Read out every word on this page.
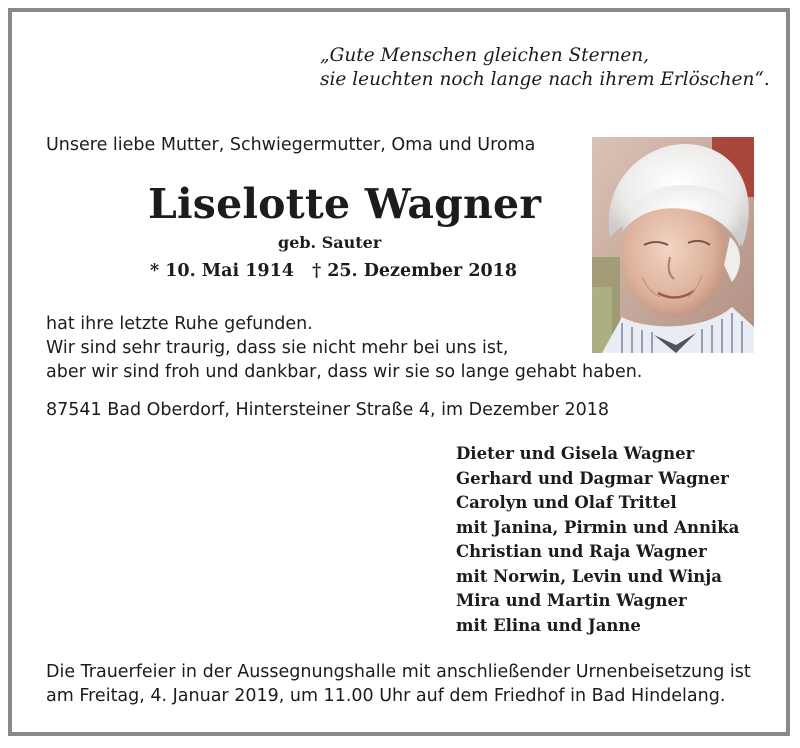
„Gute Menschen gleichen Sternen,
sie leuchten noch lange nach ihrem Erlöschen“.
Unsere liebe Mutter, Schwiegermutter, Oma und Uroma
Liselotte Wagner
geb. Sauter
* 10. Mai 1914 † 25. Dezember 2018
hat ihre letzte Ruhe gefunden.
Wir sind sehr traurig, dass sie nicht mehr bei uns ist,
aber wir sind froh und dankbar, dass wir sie so lange gehabt haben.
87541 Bad Oberdorf, Hintersteiner Straße 4, im Dezember 2018
Dieter und Gisela Wagner
Gerhard und Dagmar Wagner
Carolyn und Olaf Trittel
mit Janina, Pirmin und Annika
Christian und Raja Wagner
mit Norwin, Levin und Winja
Mira und Martin Wagner
mit Elina und Janne
Die Trauerfeier in der Aussegnungshalle mit anschließender Urnenbeisetzung ist
am Freitag, 4. Januar 2019, um 11.00 Uhr auf dem Friedhof in Bad Hindelang.
